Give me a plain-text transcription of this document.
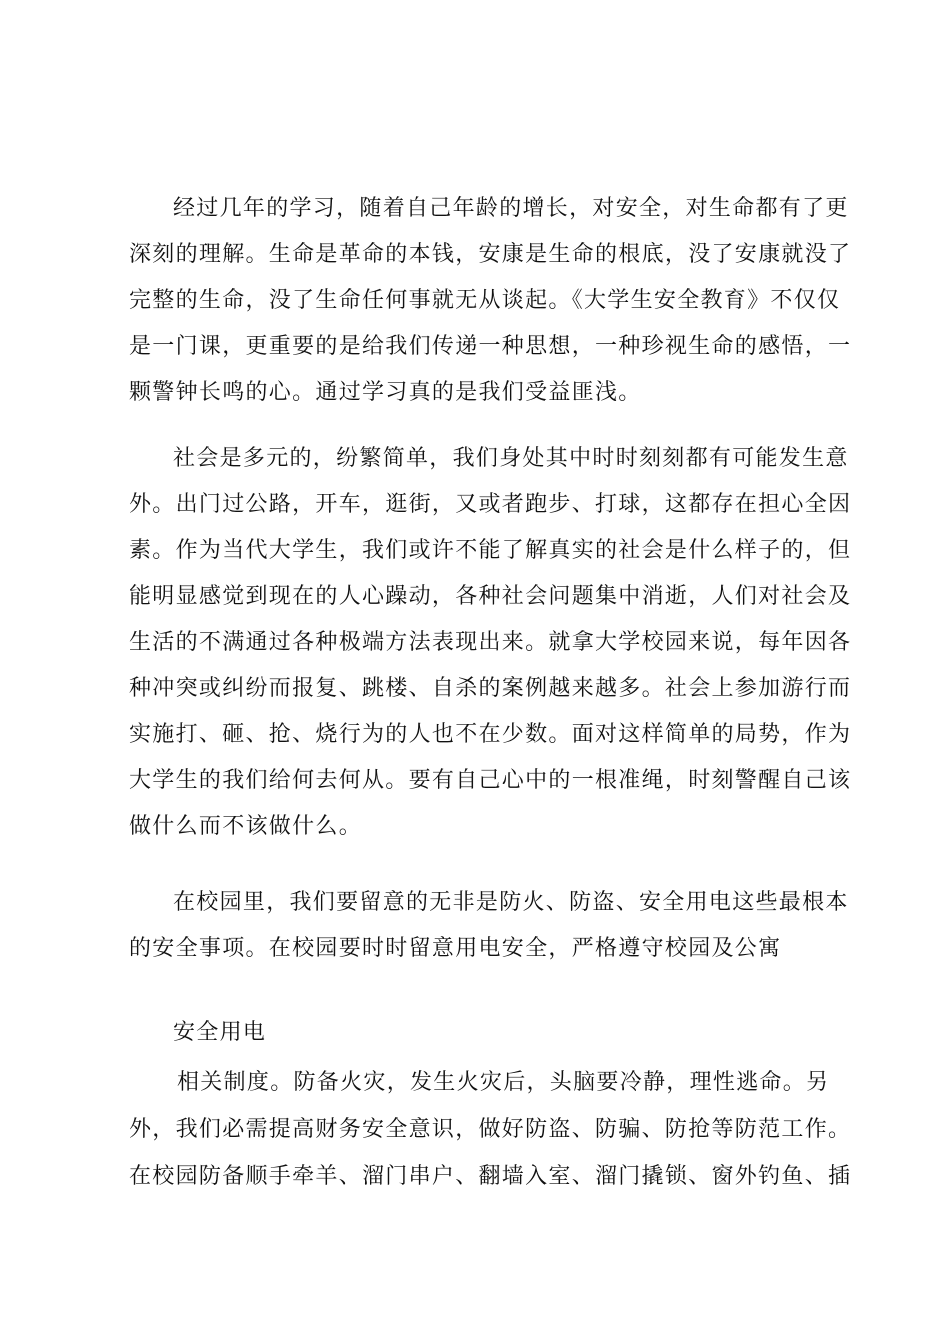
经过几年的学习，随着自己年龄的增长，对安全，对生命都有了更
深刻的理解。生命是革命的本钱，安康是生命的根底，没了安康就没了
完整的生命，没了生命任何事就无从谈起。《大学生安全教育》不仅仅
是一门课，更重要的是给我们传递一种思想，一种珍视生命的感悟，一
颗警钟长鸣的心。通过学习真的是我们受益匪浅。
社会是多元的，纷繁简单，我们身处其中时时刻刻都有可能发生意
外。出门过公路，开车，逛街，又或者跑步、打球，这都存在担心全因
素。作为当代大学生，我们或许不能了解真实的社会是什么样子的，但
能明显感觉到现在的人心躁动，各种社会问题集中消逝，人们对社会及
生活的不满通过各种极端方法表现出来。就拿大学校园来说，每年因各
种冲突或纠纷而报复、跳楼、自杀的案例越来越多。社会上参加游行而
实施打、砸、抢、烧行为的人也不在少数。面对这样简单的局势，作为
大学生的我们给何去何从。要有自己心中的一根准绳，时刻警醒自己该
做什么而不该做什么。
在校园里，我们要留意的无非是防火、防盗、安全用电这些最根本
的安全事项。在校园要时时留意用电安全，严格遵守校园及公寓
安全用电
相关制度。防备火灾，发生火灾后，头脑要冷静，理性逃命。另
外，我们必需提高财务安全意识，做好防盗、防骗、防抢等防范工作。
在校园防备顺手牵羊、溜门串户、翻墙入室、溜门撬锁、窗外钓鱼、插
